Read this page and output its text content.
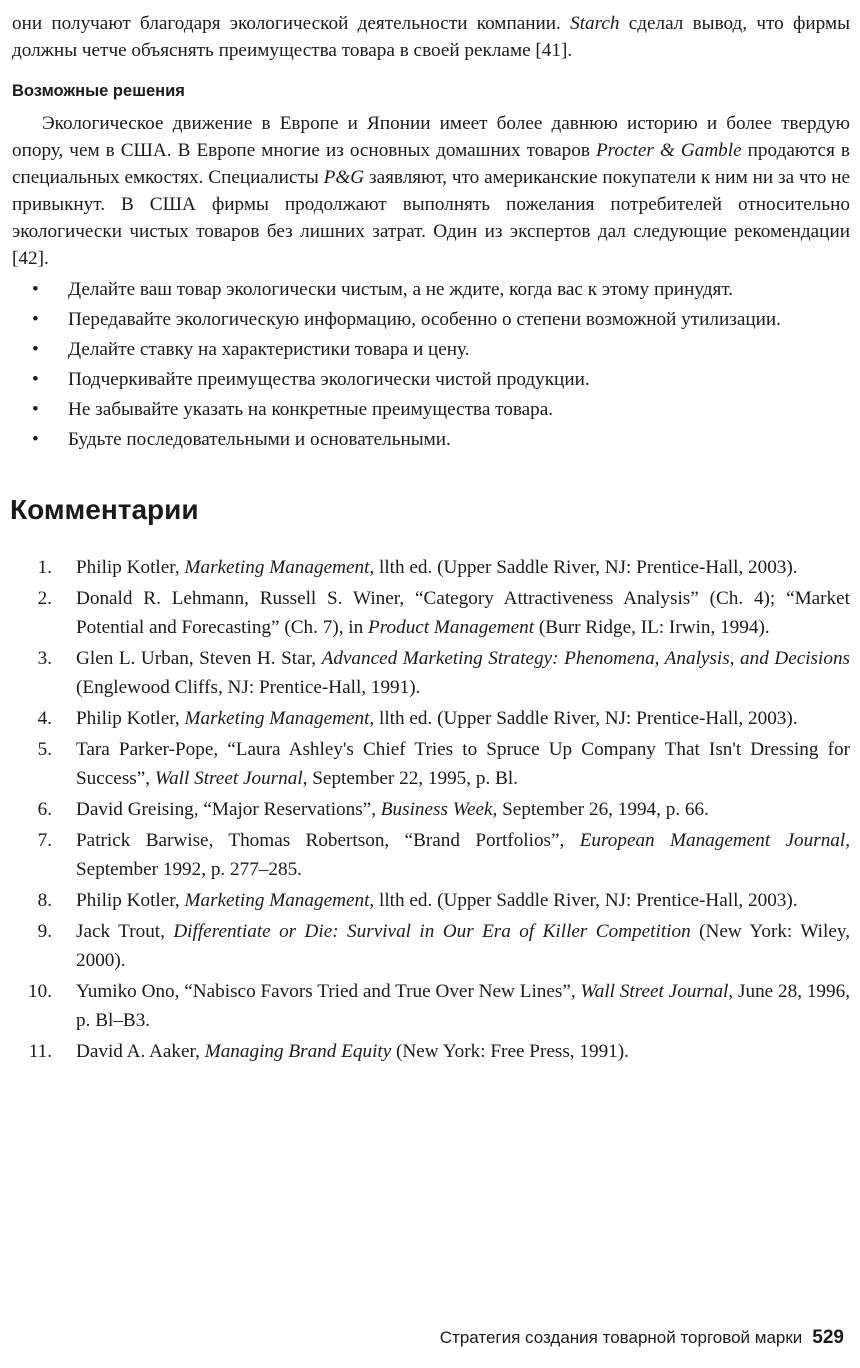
они получают благодаря экологической деятельности компании. Starch сделал вывод, что фирмы должны четче объяснять преимущества товара в своей рекламе [41].

Возможные решения

Экологическое движение в Европе и Японии имеет более давнюю историю и более твердую опору, чем в США. В Европе многие из основных домашних товаров Procter & Gamble продаются в специальных емкостях. Специалисты P&G заявляют, что американские покупатели к ним ни за что не привыкнут. В США фирмы продолжают выполнять пожелания потребителей относительно экологически чистых товаров без лишних затрат. Один из экспертов дал следующие рекомендации [42].

• Делайте ваш товар экологически чистым, а не ждите, когда вас к этому принудят.
• Передавайте экологическую информацию, особенно о степени возможной утилизации.
• Делайте ставку на характеристики товара и цену.
• Подчеркивайте преимущества экологически чистой продукции.
• Не забывайте указать на конкретные преимущества товара.
• Будьте последовательными и основательными.
Комментарии
1.	Philip Kotler, Marketing Management, llth ed. (Upper Saddle River, NJ: Prentice-Hall, 2003).
2.	Donald R. Lehmann, Russell S. Winer, “Category Attractiveness Analysis” (Ch. 4); “Market Potential and Forecasting” (Ch. 7), in Product Management (Burr Ridge, IL: Irwin, 1994).
3.	Glen L. Urban, Steven H. Star, Advanced Marketing Strategy: Phenomena, Analysis, and Decisions (Englewood Cliffs, NJ: Prentice-Hall, 1991).
4.	Philip Kotler, Marketing Management, llth ed. (Upper Saddle River, NJ: Prentice-Hall, 2003).
5.	Tara Parker-Pope, “Laura Ashley's Chief Tries to Spruce Up Company That Isn't Dressing for Success”, Wall Street Journal, September 22, 1995, p. Bl.
6.	David Greising, “Major Reservations”, Business Week, September 26, 1994, p. 66.
7.	Patrick Barwise, Thomas Robertson, “Brand Portfolios”, European Management Journal, September 1992, p. 277–285.
8.	Philip Kotler, Marketing Management, llth ed. (Upper Saddle River, NJ: Prentice-Hall, 2003).
9.	Jack Trout, Differentiate or Die: Survival in Our Era of Killer Competition (New York: Wiley, 2000).
10.	Yumiko Ono, “Nabisco Favors Tried and True Over New Lines”, Wall Street Journal, June 28, 1996, p. Bl–B3.
11.	David A. Aaker, Managing Brand Equity (New York: Free Press, 1991).
Стратегия создания товарной торговой марки 529
